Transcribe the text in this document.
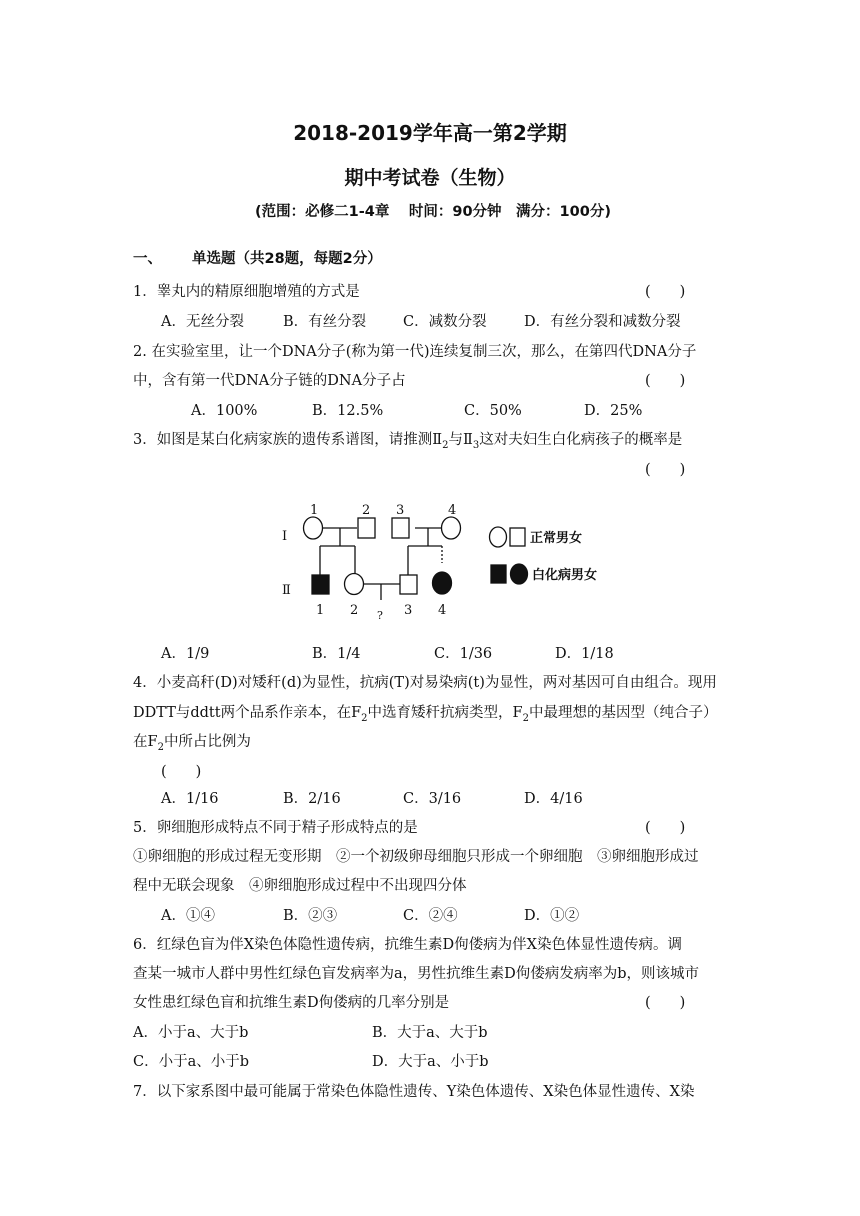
2018-2019学年高一第2学期
期中考试卷（生物）
(范围：必修二1-4章　 时间：90分钟　满分：100分)
一、 单选题（共28题，每题2分）
1．睾丸内的精原细胞增殖的方式是	(　　)
A．无丝分裂	B．有丝分裂	C．减数分裂	D．有丝分裂和减数分裂
2. 在实验室里，让一个DNA分子(称为第一代)连续复制三次，那么，在第四代DNA分子
中，含有第一代DNA分子链的DNA分子占	(　　)
A．100%	B．12.5%	C．50%	D．25%
3．如图是某白化病家族的遗传系谱图，请推测$Ⅱ_2$与$Ⅱ_3$这对夫妇生白化病孩子的概率是
(　　)
Ⅰ
Ⅱ
1	2 3	4
1 2	3 4
?
正常男女
白化病男女
A．1/9	B．1/4	C．1/36	D．1/18
4．小麦高秆(D)对矮秆(d)为显性，抗病(T)对易染病(t)为显性，两对基因可自由组合。现用
DDTT与ddtt两个品系作亲本，在$F_2$中选育矮秆抗病类型，$F_2$中最理想的基因型（纯合子）
在$F_2$中所占比例为
(　　)
A．1/16	B．2/16	C．3/16	D．4/16
5．卵细胞形成特点不同于精子形成特点的是	(　　)
①卵细胞的形成过程无变形期　②一个初级卵母细胞只形成一个卵细胞　③卵细胞形成过
程中无联会现象　④卵细胞形成过程中不出现四分体
A．①④	B．②③	C．②④	D．①②
6．红绿色盲为伴X染色体隐性遗传病，抗维生素D佝偻病为伴X染色体显性遗传病。调
查某一城市人群中男性红绿色盲发病率为a，男性抗维生素D佝偻病发病率为b，则该城市
女性患红绿色盲和抗维生素D佝偻病的几率分别是	(　　)
A．小于a、大于b	B．大于a、大于b
C．小于a、小于b	D．大于a、小于b
7．以下家系图中最可能属于常染色体隐性遗传、Y染色体遗传、X染色体显性遗传、X染
